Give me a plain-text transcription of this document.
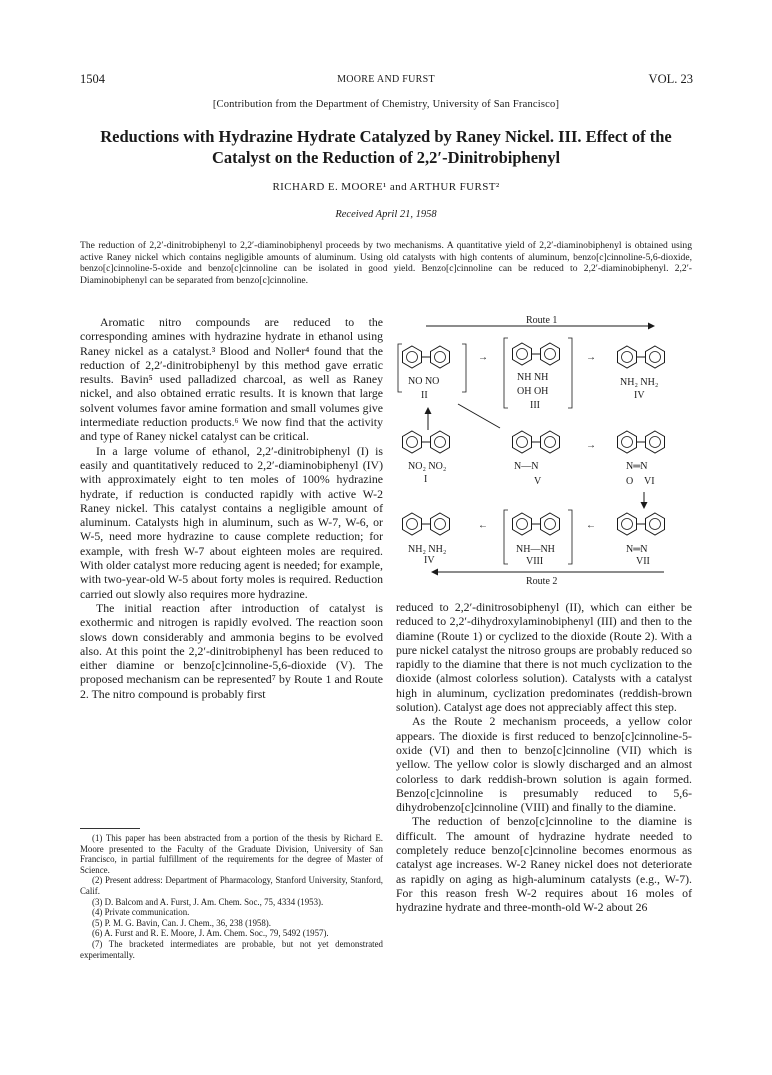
1504	MOORE AND FURST	VOL. 23
[Contribution from the Department of Chemistry, University of San Francisco]
Reductions with Hydrazine Hydrate Catalyzed by Raney Nickel. III. Effect of the Catalyst on the Reduction of 2,2′-Dinitrobiphenyl
RICHARD E. MOORE¹ and ARTHUR FURST²
Received April 21, 1958
The reduction of 2,2′-dinitrobiphenyl to 2,2′-diaminobiphenyl proceeds by two mechanisms. A quantitative yield of 2,2′-diaminobiphenyl is obtained using active Raney nickel which contains negligible amounts of aluminum. Using old catalysts with high contents of aluminum, benzo[c]cinnoline-5,6-dioxide, benzo[c]cinnoline-5-oxide and benzo[c]cinnoline can be isolated in good yield. Benzo[c]cinnoline can be reduced to 2,2′-diaminobiphenyl. 2,2′-Diaminobiphenyl can be separated from benzo[c]cinnoline.

Aromatic nitro compounds are reduced to the corresponding amines with hydrazine hydrate in ethanol using Raney nickel as a catalyst.³ Blood and Noller⁴ found that the reduction of 2,2′-dinitrobiphenyl by this method gave erratic results. Bavin⁵ used palladized charcoal, as well as Raney nickel, and also obtained erratic results. It is known that large solvent volumes favor amine formation and small volumes give intermediate reduction products.⁶ We now find that the activity and type of Raney nickel catalyst can be critical.

In a large volume of ethanol, 2,2′-dinitrobiphenyl (I) is easily and quantitatively reduced to 2,2′-diaminobiphenyl (IV) with approximately eight to ten moles of 100% hydrazine hydrate, if reduction is conducted rapidly with active W-2 Raney nickel. This catalyst contains a negligible amount of aluminum. Catalysts high in aluminum, such as W-7, W-6, or W-5, need more hydrazine to cause complete reduction; for example, with fresh W-7 about eighteen moles are required. With older catalyst more reducing agent is needed; for example, with two-year-old W-5 about forty moles is required. Reduction carried out slowly also requires more hydrazine.

The initial reaction after introduction of catalyst is exothermic and nitrogen is rapidly evolved. The reaction soon slows down considerably and ammonia begins to be evolved also. At this point the 2,2′-dinitrobiphenyl has been reduced to either diamine or benzo[c]cinnoline-5,6-dioxide (V). The proposed mechanism can be represented⁷ by Route 1 and Route 2. The nitro compound is probably first

(1) This paper has been abstracted from a portion of the thesis by Richard E. Moore presented to the Faculty of the Graduate Division, University of San Francisco, in partial fulfillment of the requirements for the degree of Master of Science.

(2) Present address: Department of Pharmacology, Stanford University, Stanford, Calif.

(3) D. Balcom and A. Furst, J. Am. Chem. Soc., 75, 4334 (1953).

(4) Private communication.

(5) P. M. G. Bavin, Can. J. Chem., 36, 238 (1958).

(6) A. Furst and R. E. Moore, J. Am. Chem. Soc., 79, 5492 (1957).

(7) The bracketed intermediates are probable, but not yet demonstrated experimentally.

Route 1
NO NO
II
→
NH NH
OH OH
III
→
NH₂ NH₂
IV
NO₂ NO₂
I
N—N
V
→
N═N
O VI
NH₂ NH₂
IV
←
NH—NH
VIII
←
N═N
VII
Route 2

reduced to 2,2′-dinitrosobiphenyl (II), which can either be reduced to 2,2′-dihydroxylaminobiphenyl (III) and then to the diamine (Route 1) or cyclized to the dioxide (Route 2). With a pure nickel catalyst the nitroso groups are probably reduced so rapidly to the diamine that there is not much cyclization to the dioxide (almost colorless solution). Catalysts with a catalyst high in aluminum, cyclization predominates (reddish-brown solution). Catalyst age does not appreciably affect this step.

As the Route 2 mechanism proceeds, a yellow color appears. The dioxide is first reduced to benzo[c]cinnoline-5-oxide (VI) and then to benzo[c]cinnoline (VII) which is yellow. The yellow color is slowly discharged and an almost colorless to dark reddish-brown solution is again formed. Benzo[c]cinnoline is presumably reduced to 5,6-dihydrobenzo[c]cinnoline (VIII) and finally to the diamine.

The reduction of benzo[c]cinnoline to the diamine is difficult. The amount of hydrazine hydrate needed to completely reduce benzo[c]cinnoline becomes enormous as catalyst age increases. W-2 Raney nickel does not deteriorate as rapidly on aging as high-aluminum catalysts (e.g., W-7). For this reason fresh W-2 requires about 16 moles of hydrazine hydrate and three-month-old W-2 about 26
